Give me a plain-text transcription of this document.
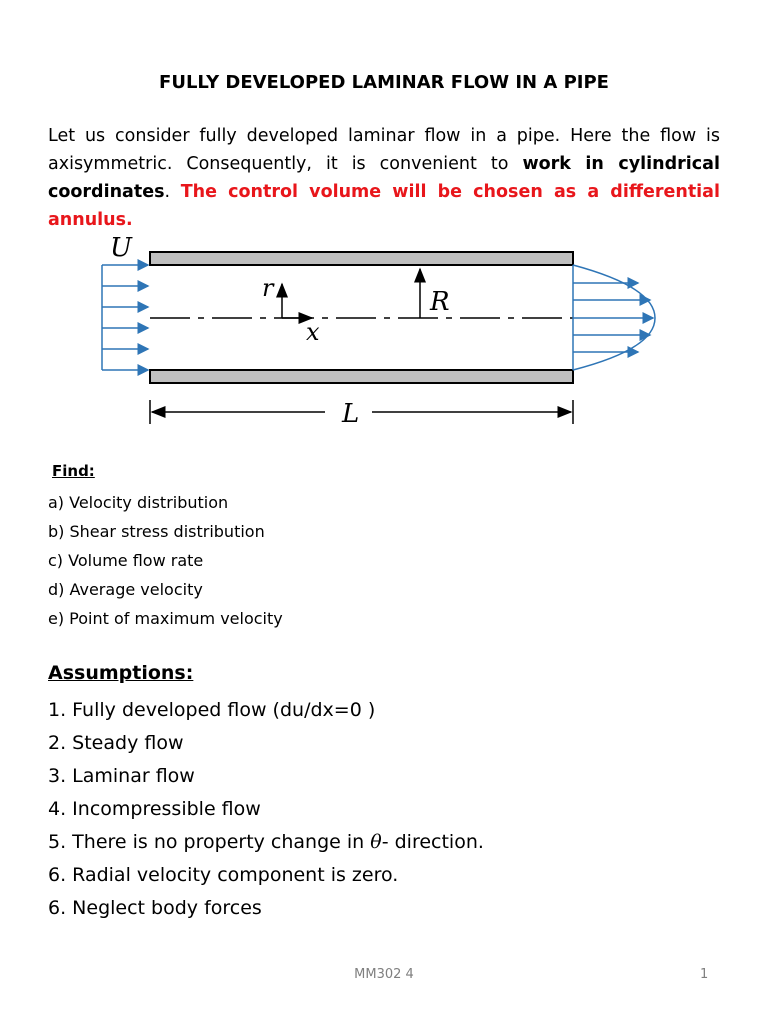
FULLY DEVELOPED LAMINAR FLOW IN A PIPE

Let us consider fully developed laminar flow in a pipe. Here the flow is axisymmetric. Consequently, it is convenient to work in cylindrical coordinates. The control volume will be chosen as a differential annulus.

U
r
x
R
L

Find:

a) Velocity distribution
b) Shear stress distribution
c) Volume flow rate
d) Average velocity
e) Point of maximum velocity

Assumptions:

1. Fully developed flow (du/dx=0 )
2. Steady flow
3. Laminar flow
4. Incompressible flow
5. There is no property change in θ- direction.
6. Radial velocity component is zero.
6. Neglect body forces

MM302 4	1
